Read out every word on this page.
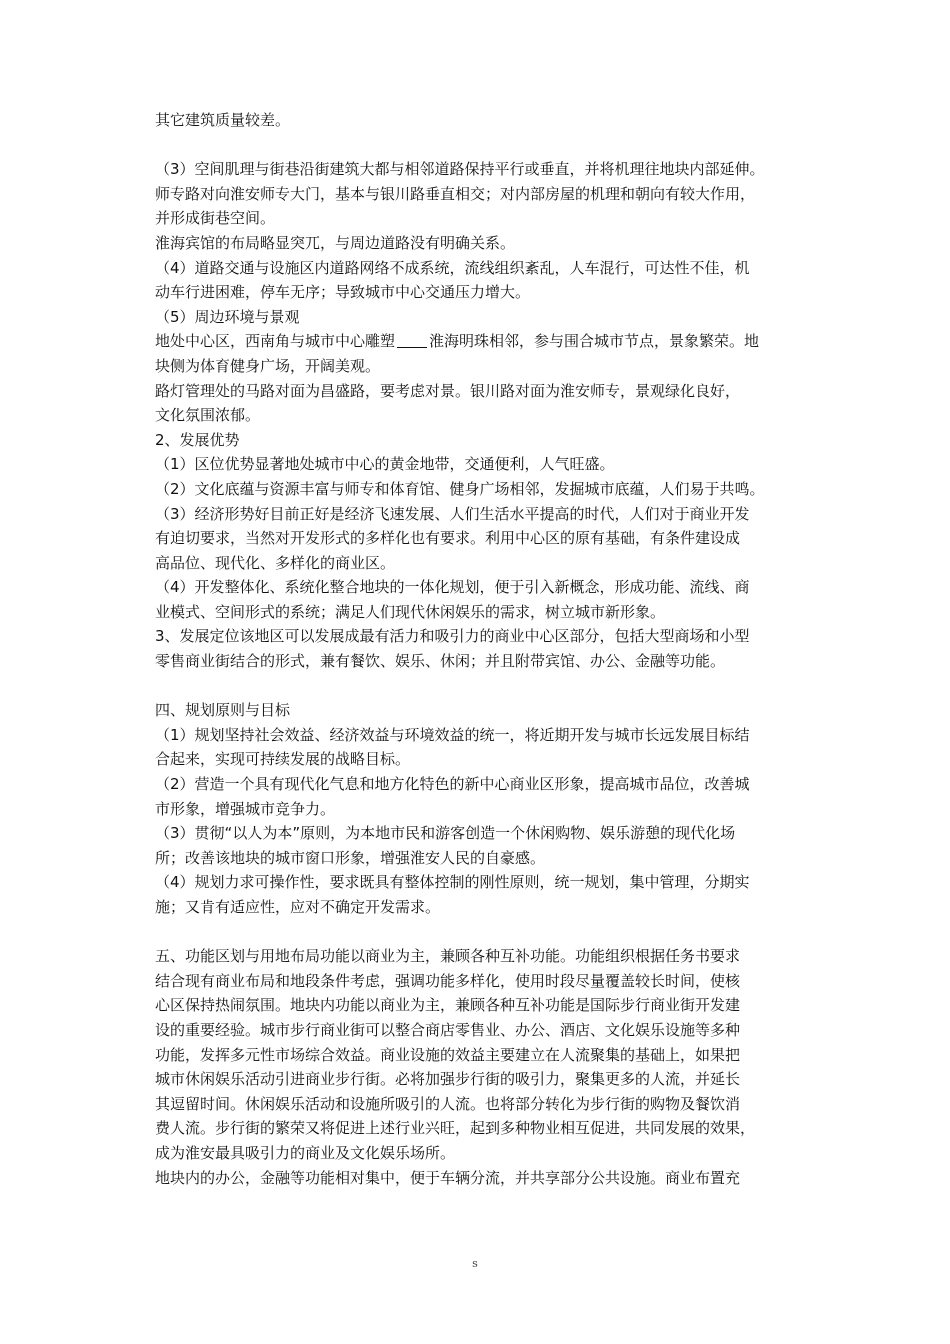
其它建筑质量较差。

（3）空间肌理与街巷沿街建筑大都与相邻道路保持平行或垂直，并将机理往地块内部延伸。

师专路对向淮安师专大门，基本与银川路垂直相交；对内部房屋的机理和朝向有较大作用，

并形成街巷空间。

淮海宾馆的布局略显突兀，与周边道路没有明确关系。

（4）道路交通与设施区内道路网络不成系统，流线组织紊乱，人车混行，可达性不佳，机

动车行进困难，停车无序；导致城市中心交通压力增大。

（5）周边环境与景观

地处中心区，西南角与城市中心雕塑 淮海明珠相邻，参与围合城市节点，景象繁荣。地

块侧为体育健身广场，开阔美观。

路灯管理处的马路对面为昌盛路，要考虑对景。银川路对面为淮安师专，景观绿化良好，

文化氛围浓郁。

2、发展优势

（1）区位优势显著地处城市中心的黄金地带，交通便利，人气旺盛。

（2）文化底蕴与资源丰富与师专和体育馆、健身广场相邻，发掘城市底蕴，人们易于共鸣。

（3）经济形势好目前正好是经济飞速发展、人们生活水平提高的时代，人们对于商业开发

有迫切要求，当然对开发形式的多样化也有要求。利用中心区的原有基础，有条件建设成

高品位、现代化、多样化的商业区。

（4）开发整体化、系统化整合地块的一体化规划，便于引入新概念，形成功能、流线、商

业模式、空间形式的系统；满足人们现代休闲娱乐的需求，树立城市新形象。

3、发展定位该地区可以发展成最有活力和吸引力的商业中心区部分，包括大型商场和小型

零售商业街结合的形式，兼有餐饮、娱乐、休闲；并且附带宾馆、办公、金融等功能。

四、规划原则与目标

（1）规划坚持社会效益、经济效益与环境效益的统一，将近期开发与城市长远发展目标结

合起来，实现可持续发展的战略目标。

（2）营造一个具有现代化气息和地方化特色的新中心商业区形象，提高城市品位，改善城

市形象，增强城市竞争力。

（3）贯彻“以人为本”原则，为本地市民和游客创造一个休闲购物、娱乐游憩的现代化场

所；改善该地块的城市窗口形象，增强淮安人民的自豪感。

（4）规划力求可操作性，要求既具有整体控制的刚性原则，统一规划，集中管理，分期实

施；又肯有适应性，应对不确定开发需求。

五、功能区划与用地布局功能以商业为主，兼顾各种互补功能。功能组织根据任务书要求

结合现有商业布局和地段条件考虑，强调功能多样化，使用时段尽量覆盖较长时间，使核

心区保持热闹氛围。地块内功能以商业为主，兼顾各种互补功能是国际步行商业街开发建

设的重要经验。城市步行商业街可以整合商店零售业、办公、酒店、文化娱乐设施等多种

功能，发挥多元性市场综合效益。商业设施的效益主要建立在人流聚集的基础上，如果把

城市休闲娱乐活动引进商业步行街。必将加强步行街的吸引力，聚集更多的人流，并延长

其逗留时间。休闲娱乐活动和设施所吸引的人流。也将部分转化为步行街的购物及餐饮消

费人流。步行街的繁荣又将促进上述行业兴旺，起到多种物业相互促进，共同发展的效果，

成为淮安最具吸引力的商业及文化娱乐场所。

地块内的办公，金融等功能相对集中，便于车辆分流，并共享部分公共设施。商业布置充

s
